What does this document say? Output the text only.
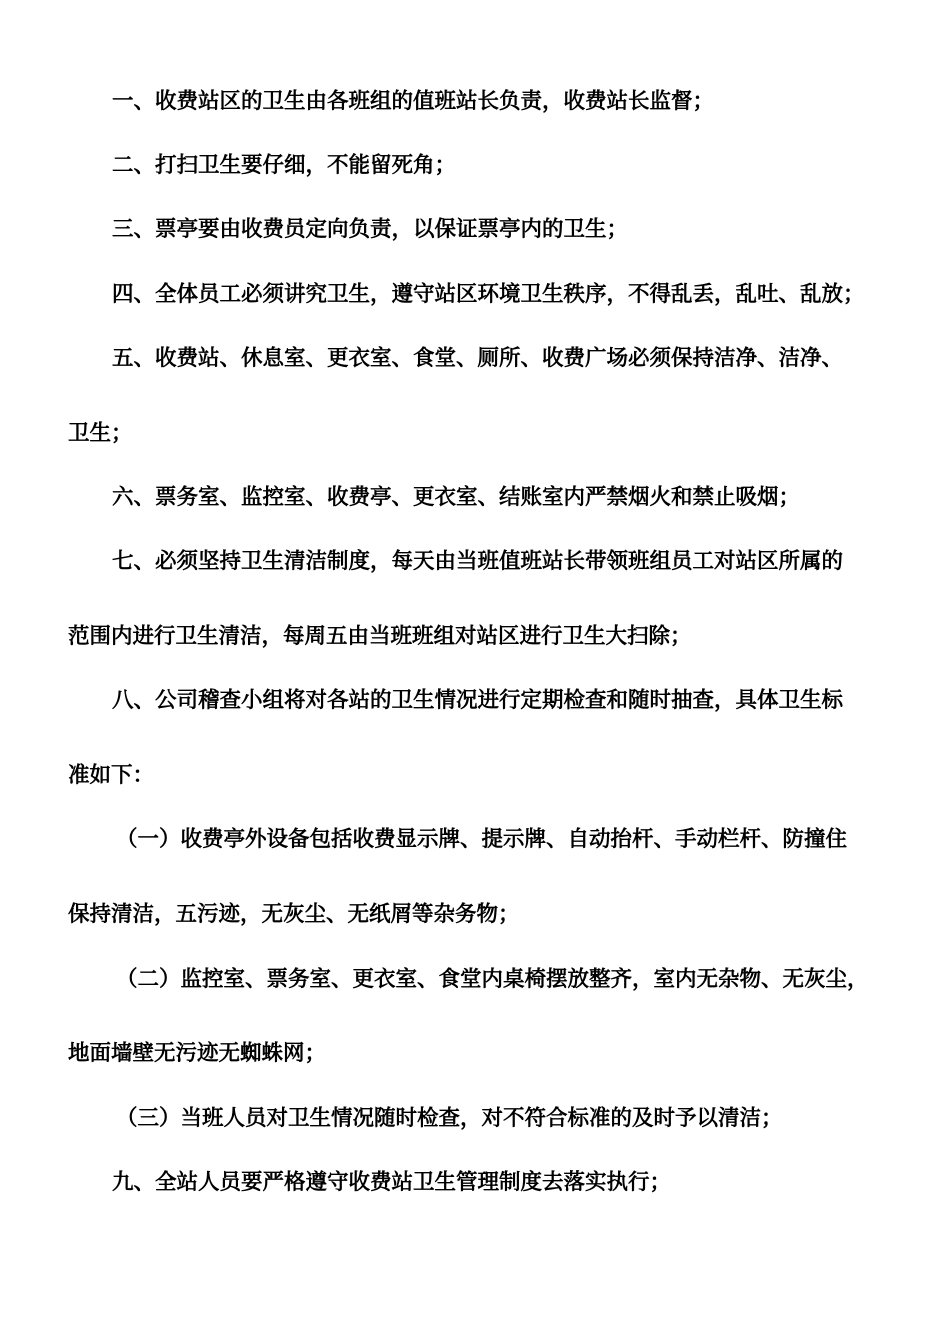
一、收费站区的卫生由各班组的值班站长负责，收费站长监督；
二、打扫卫生要仔细，不能留死角；
三、票亭要由收费员定向负责，以保证票亭内的卫生；
四、全体员工必须讲究卫生，遵守站区环境卫生秩序，不得乱丢，乱吐、乱放；
五、收费站、休息室、更衣室、食堂、厕所、收费广场必须保持洁净、洁净、
卫生；
六、票务室、监控室、收费亭、更衣室、结账室内严禁烟火和禁止吸烟；
七、必须坚持卫生清洁制度，每天由当班值班站长带领班组员工对站区所属的
范围内进行卫生清洁，每周五由当班班组对站区进行卫生大扫除；
八、公司稽查小组将对各站的卫生情况进行定期检查和随时抽查，具体卫生标
准如下：
（一）收费亭外设备包括收费显示牌、提示牌、自动抬杆、手动栏杆、防撞住
保持清洁，五污迹，无灰尘、无纸屑等杂务物；
（二）监控室、票务室、更衣室、食堂内桌椅摆放整齐，室内无杂物、无灰尘，
地面墙壁无污迹无蜘蛛网；
（三）当班人员对卫生情况随时检查，对不符合标准的及时予以清洁；
九、全站人员要严格遵守收费站卫生管理制度去落实执行；
